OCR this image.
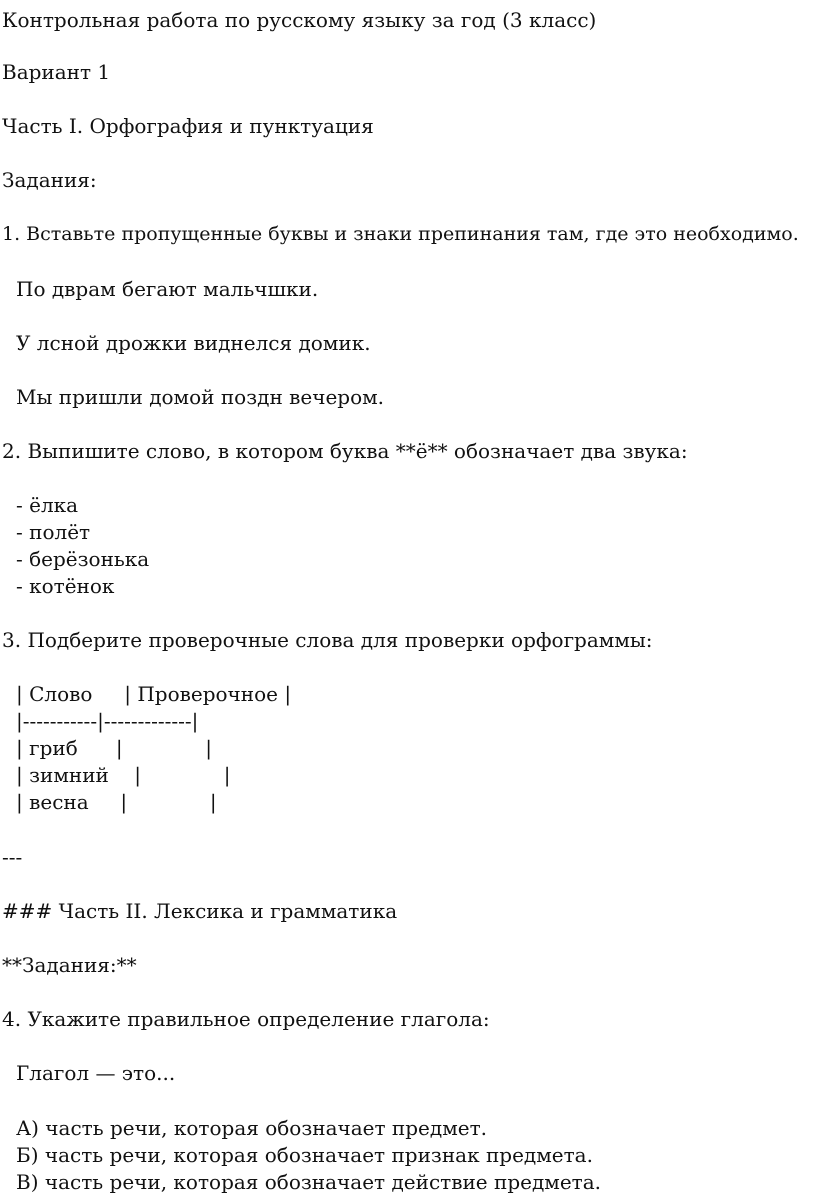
Контрольная работа по русскому языку за год (3 класс)
Вариант 1
Часть I. Орфография и пунктуация
Задания:
1. Вставьте пропущенные буквы и знаки препинания там, где это необходимо.
По дврам бегают мальчшки.
У лсной дрожки виднелся домик.
Мы пришли домой поздн вечером.
2. Выпишите слово, в котором буква **ё** обозначает два звука:
- ёлка
- полёт
- берёзонька
- котёнок
3. Подберите проверочные слова для проверки орфограммы:
| Слово     | Проверочное |
|-----------|-------------|
| гриб      |             |
| зимний    |             |
| весна     |             |
---
### Часть II. Лексика и грамматика
**Задания:**
4. Укажите правильное определение глагола:
Глагол — это...
А) часть речи, которая обозначает предмет.
Б) часть речи, которая обозначает признак предмета.
В) часть речи, которая обозначает действие предмета.
